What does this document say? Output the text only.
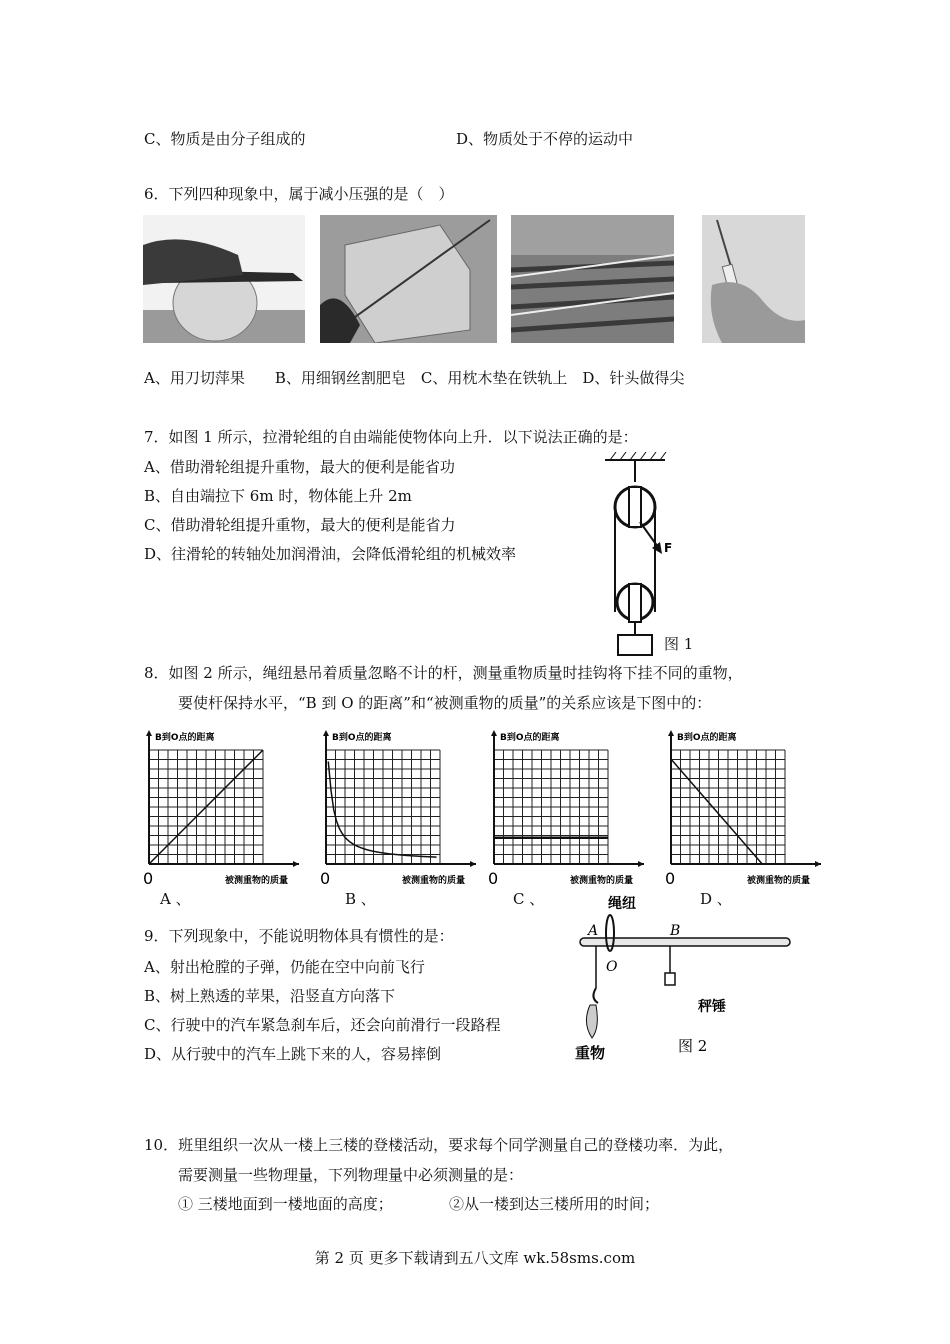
C、物质是由分子组成的	D、物质处于不停的运动中
6．下列四种现象中，属于减小压强的是（　）
A、用刀切萍果　　B、用细钢丝割肥皂　C、用枕木垫在铁轨上　D、针头做得尖
7．如图 1 所示，拉滑轮组的自由端能使物体向上升．以下说法正确的是：
A、借助滑轮组提升重物，最大的便利是能省功
B、自由端拉下 6m 时，物体能上升 2m
C、借助滑轮组提升重物，最大的便利是能省力
D、往滑轮的转轴处加润滑油，会降低滑轮组的机械效率	F
图 1
8．如图 2 所示，绳纽悬吊着质量忽略不计的杆，测量重物质量时挂钩将下挂不同的重物，
要使杆保持水平，“B 到 O 的距离”和“被测重物的质量”的关系应该是下图中的：
B到O点的距离
被测重物的质量
0
B到O点的距离
被测重物的质量
0
B到O点的距离
被测重物的质量
0
B到O点的距离
被测重物的质量
0
A 、	B 、	C 、	D 、
9．下列现象中，不能说明物体具有惯性的是：
A、射出枪膛的子弹，仍能在空中向前飞行
B、树上熟透的苹果，沿竖直方向落下
C、行驶中的汽车紧急刹车后，还会向前滑行一段路程
D、从行驶中的汽车上跳下来的人，容易摔倒
绳纽
A	B
O
秤锤
重物	图 2
10．班里组织一次从一楼上三楼的登楼活动，要求每个同学测量自己的登楼功率．为此，
需要测量一些物理量，下列物理量中必须测量的是：
① 三楼地面到一楼地面的高度；	②从一楼到达三楼所用的时间；
第 2 页 更多下载请到五八文库 wk.58sms.com
